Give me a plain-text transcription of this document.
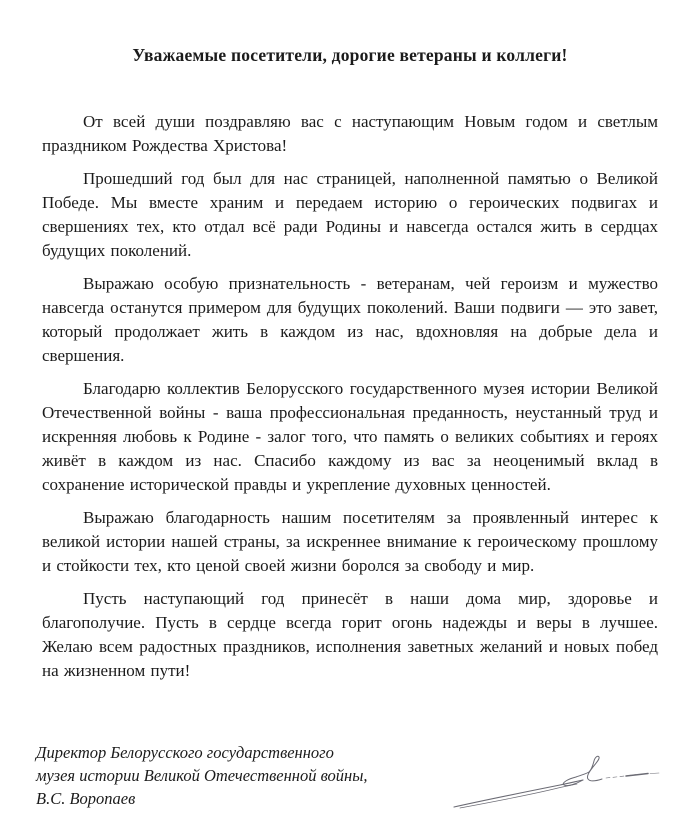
Уважаемые посетители, дорогие ветераны и коллеги!

От всей души поздравляю вас с наступающим Новым годом и светлым праздником Рождества Христова!

Прошедший год был для нас страницей, наполненной памятью о Великой Победе. Мы вместе храним и передаем историю о героических подвигах и свершениях тех, кто отдал всё ради Родины и навсегда остался жить в сердцах будущих поколений.

Выражаю особую признательность - ветеранам, чей героизм и мужество навсегда останутся примером для будущих поколений. Ваши подвиги — это завет, который продолжает жить в каждом из нас, вдохновляя на добрые дела и свершения.

Благодарю коллектив Белорусского государственного музея истории Великой Отечественной войны - ваша профессиональная преданность, неустанный труд и искренняя любовь к Родине - залог того, что память о великих событиях и героях живёт в каждом из нас. Спасибо каждому из вас за неоценимый вклад в сохранение исторической правды и укрепление духовных ценностей.

Выражаю благодарность нашим посетителям за проявленный интерес к великой истории нашей страны, за искреннее внимание к героическому прошлому и стойкости тех, кто ценой своей жизни боролся за свободу и мир.

Пусть наступающий год принесёт в наши дома мир, здоровье и благополучие. Пусть в сердце всегда горит огонь надежды и веры в лучшее. Желаю всем радостных праздников, исполнения заветных желаний и новых побед на жизненном пути!

Директор Белорусского государственного
музея истории Великой Отечественной войны,
В.С. Воропаев
